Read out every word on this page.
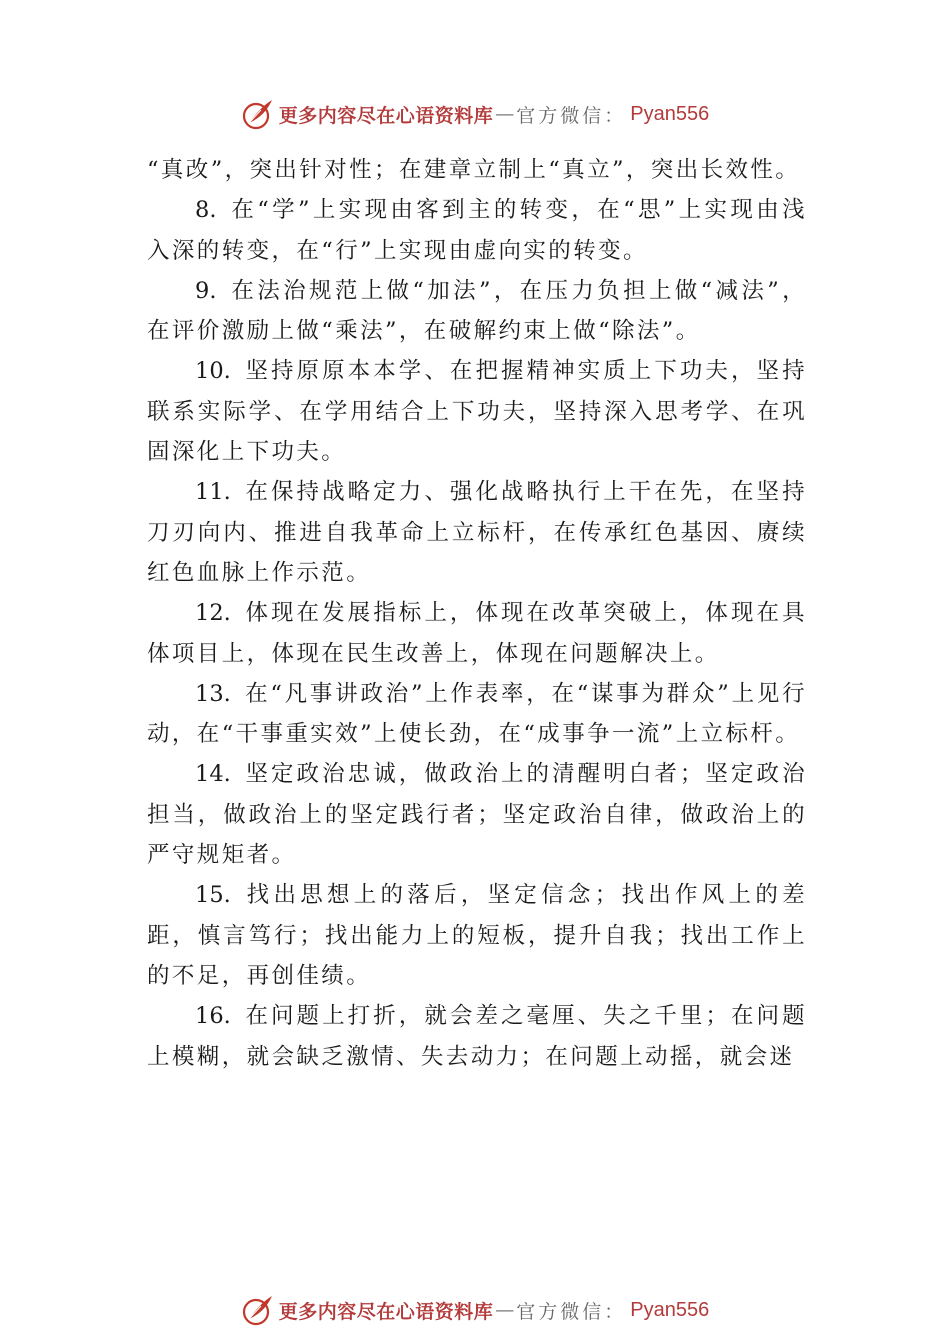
更多内容尽在心语资料库 — 官方微信： Pyan556

“真改”，突出针对性；在建章立制上“真立”，突出长效性。

8. 在“学”上实现由客到主的转变，在“思”上实现由浅入深的转变，在“行”上实现由虚向实的转变。

9. 在法治规范上做“加法”，在压力负担上做“减法”，在评价激励上做“乘法”，在破解约束上做“除法”。

10. 坚持原原本本学、在把握精神实质上下功夫，坚持联系实际学、在学用结合上下功夫，坚持深入思考学、在巩固深化上下功夫。

11. 在保持战略定力、强化战略执行上干在先，在坚持刀刃向内、推进自我革命上立标杆，在传承红色基因、赓续红色血脉上作示范。

12. 体现在发展指标上，体现在改革突破上，体现在具体项目上，体现在民生改善上，体现在问题解决上。

13. 在“凡事讲政治”上作表率，在“谋事为群众”上见行动，在“干事重实效”上使长劲，在“成事争一流”上立标杆。

14. 坚定政治忠诚，做政治上的清醒明白者；坚定政治担当，做政治上的坚定践行者；坚定政治自律，做政治上的严守规矩者。

15. 找出思想上的落后，坚定信念；找出作风上的差距，慎言笃行；找出能力上的短板，提升自我；找出工作上的不足，再创佳绩。

16. 在问题上打折，就会差之毫厘、失之千里；在问题上模糊，就会缺乏激情、失去动力；在问题上动摇，就会迷

更多内容尽在心语资料库 — 官方微信： Pyan556
